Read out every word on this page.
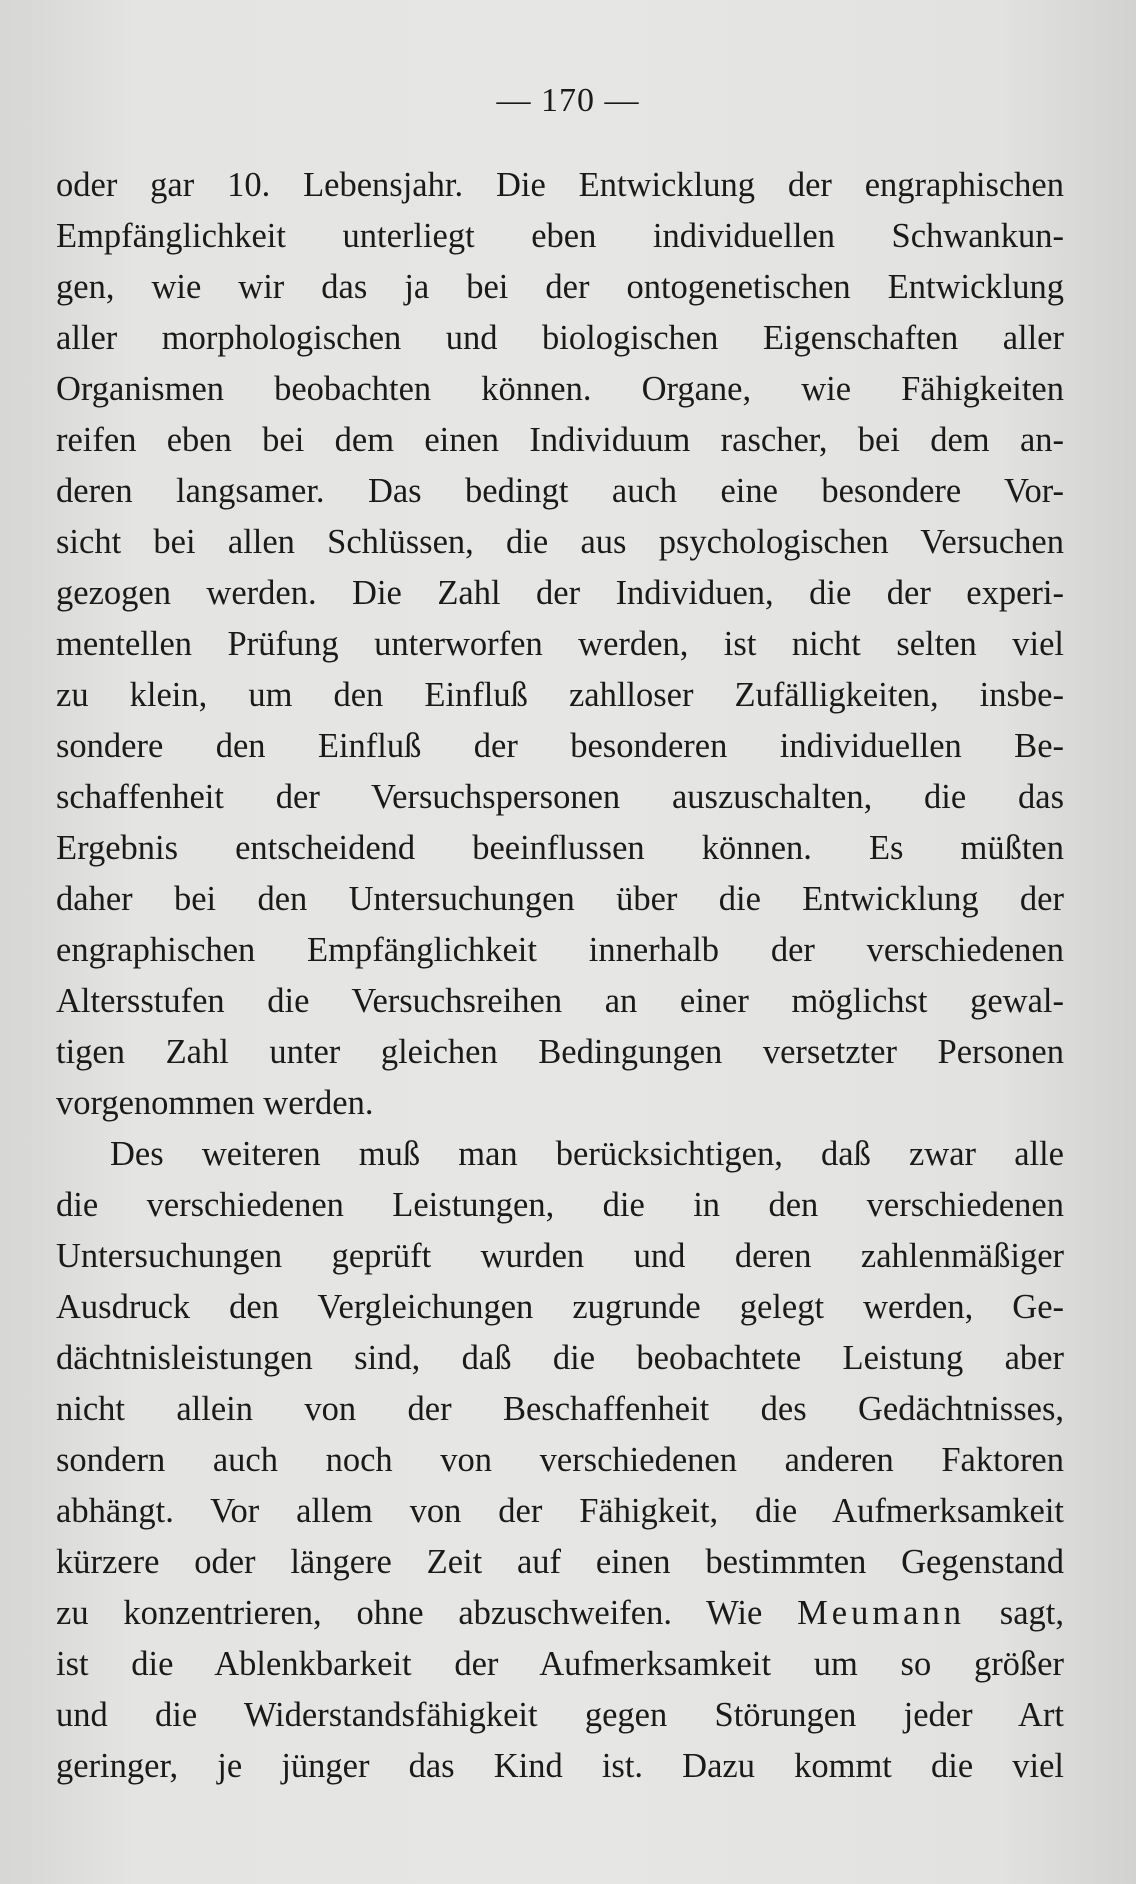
— 170 —
oder gar 10. Lebensjahr. Die Entwicklung der engraphischen
Empfänglichkeit unterliegt eben individuellen Schwankun-
gen, wie wir das ja bei der ontogenetischen Entwicklung
aller morphologischen und biologischen Eigenschaften aller
Organismen beobachten können. Organe, wie Fähigkeiten
reifen eben bei dem einen Individuum rascher, bei dem an-
deren langsamer. Das bedingt auch eine besondere Vor-
sicht bei allen Schlüssen, die aus psychologischen Versuchen
gezogen werden. Die Zahl der Individuen, die der experi-
mentellen Prüfung unterworfen werden, ist nicht selten viel
zu klein, um den Einfluß zahlloser Zufälligkeiten, insbe-
sondere den Einfluß der besonderen individuellen Be-
schaffenheit der Versuchspersonen auszuschalten, die das
Ergebnis entscheidend beeinflussen können. Es müßten
daher bei den Untersuchungen über die Entwicklung der
engraphischen Empfänglichkeit innerhalb der verschiedenen
Altersstufen die Versuchsreihen an einer möglichst gewal-
tigen Zahl unter gleichen Bedingungen versetzter Personen
vorgenommen werden.
Des weiteren muß man berücksichtigen, daß zwar alle
die verschiedenen Leistungen, die in den verschiedenen
Untersuchungen geprüft wurden und deren zahlenmäßiger
Ausdruck den Vergleichungen zugrunde gelegt werden, Ge-
dächtnisleistungen sind, daß die beobachtete Leistung aber
nicht allein von der Beschaffenheit des Gedächtnisses,
sondern auch noch von verschiedenen anderen Faktoren
abhängt. Vor allem von der Fähigkeit, die Aufmerksamkeit
kürzere oder längere Zeit auf einen bestimmten Gegenstand
zu konzentrieren, ohne abzuschweifen. Wie Meumann sagt,
ist die Ablenkbarkeit der Aufmerksamkeit um so größer
und die Widerstandsfähigkeit gegen Störungen jeder Art
geringer, je jünger das Kind ist. Dazu kommt die viel
